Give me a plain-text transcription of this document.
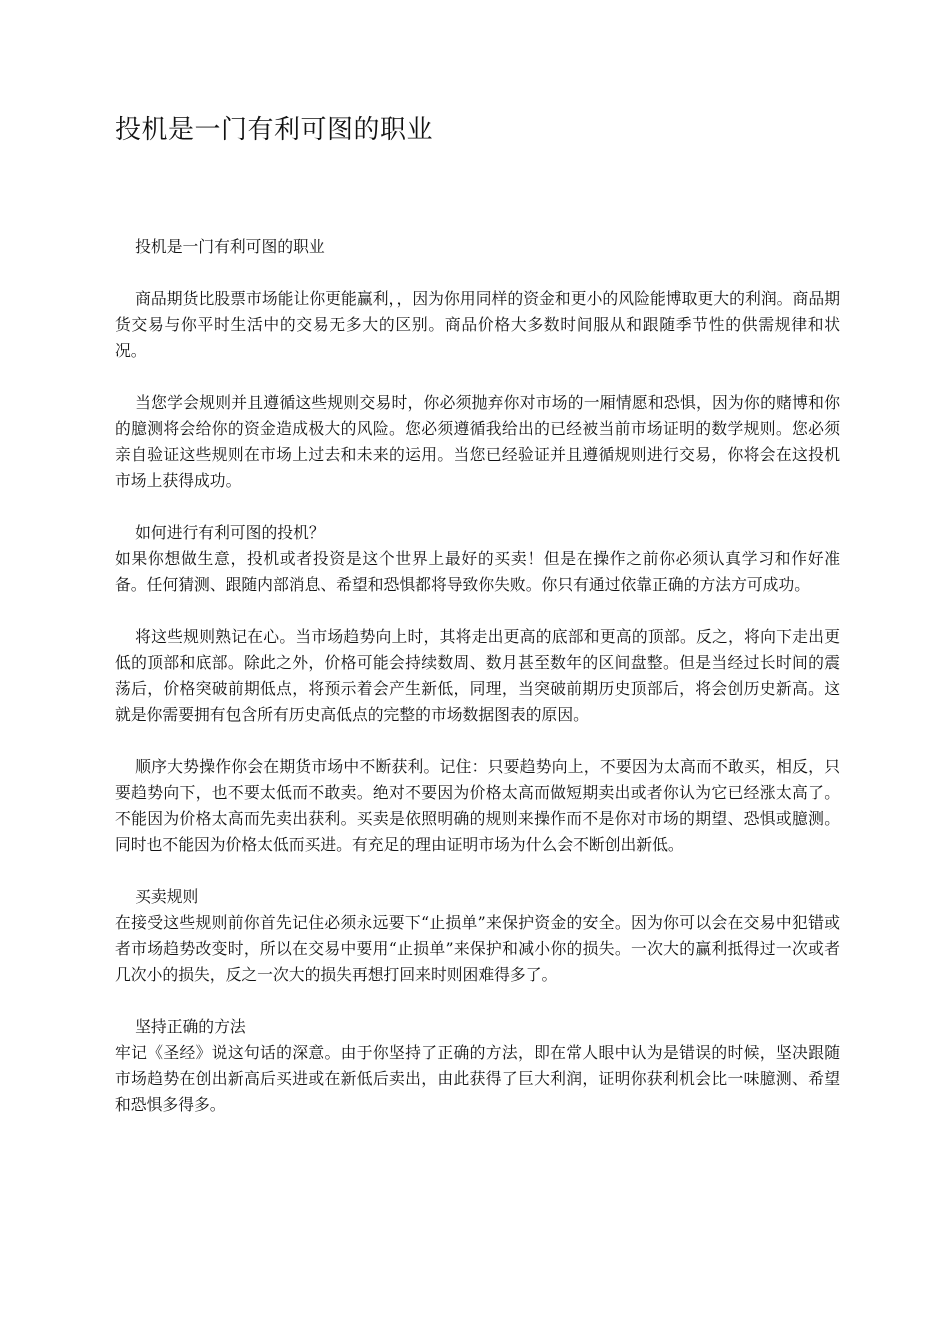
投机是一门有利可图的职业

投机是一门有利可图的职业

商品期货比股票市场能让你更能赢利，，因为你用同样的资金和更小的风险能博取更大的利润。商品期货交易与你平时生活中的交易无多大的区别。商品价格大多数时间服从和跟随季节性的供需规律和状况。

当您学会规则并且遵循这些规则交易时，你必须抛弃你对市场的一厢情愿和恐惧，因为你的赌博和你的臆测将会给你的资金造成极大的风险。您必须遵循我给出的已经被当前市场证明的数学规则。您必须亲自验证这些规则在市场上过去和未来的运用。当您已经验证并且遵循规则进行交易，你将会在这投机市场上获得成功。

如何进行有利可图的投机？

如果你想做生意，投机或者投资是这个世界上最好的买卖！但是在操作之前你必须认真学习和作好准备。任何猜测、跟随内部消息、希望和恐惧都将导致你失败。你只有通过依靠正确的方法方可成功。

将这些规则熟记在心。当市场趋势向上时，其将走出更高的底部和更高的顶部。反之，将向下走出更低的顶部和底部。除此之外，价格可能会持续数周、数月甚至数年的区间盘整。但是当经过长时间的震荡后，价格突破前期低点，将预示着会产生新低，同理，当突破前期历史顶部后，将会创历史新高。这就是你需要拥有包含所有历史高低点的完整的市场数据图表的原因。

顺序大势操作你会在期货市场中不断获利。记住：只要趋势向上，不要因为太高而不敢买，相反，只要趋势向下，也不要太低而不敢卖。绝对不要因为价格太高而做短期卖出或者你认为它已经涨太高了。不能因为价格太高而先卖出获利。买卖是依照明确的规则来操作而不是你对市场的期望、恐惧或臆测。同时也不能因为价格太低而买进。有充足的理由证明市场为什么会不断创出新低。

买卖规则

在接受这些规则前你首先记住必须永远要下“止损单”来保护资金的安全。因为你可以会在交易中犯错或者市场趋势改变时，所以在交易中要用“止损单”来保护和减小你的损失。一次大的赢利抵得过一次或者几次小的损失，反之一次大的损失再想打回来时则困难得多了。

坚持正确的方法

牢记《圣经》说这句话的深意。由于你坚持了正确的方法，即在常人眼中认为是错误的时候，坚决跟随市场趋势在创出新高后买进或在新低后卖出，由此获得了巨大利润，证明你获利机会比一味臆测、希望和恐惧多得多。
